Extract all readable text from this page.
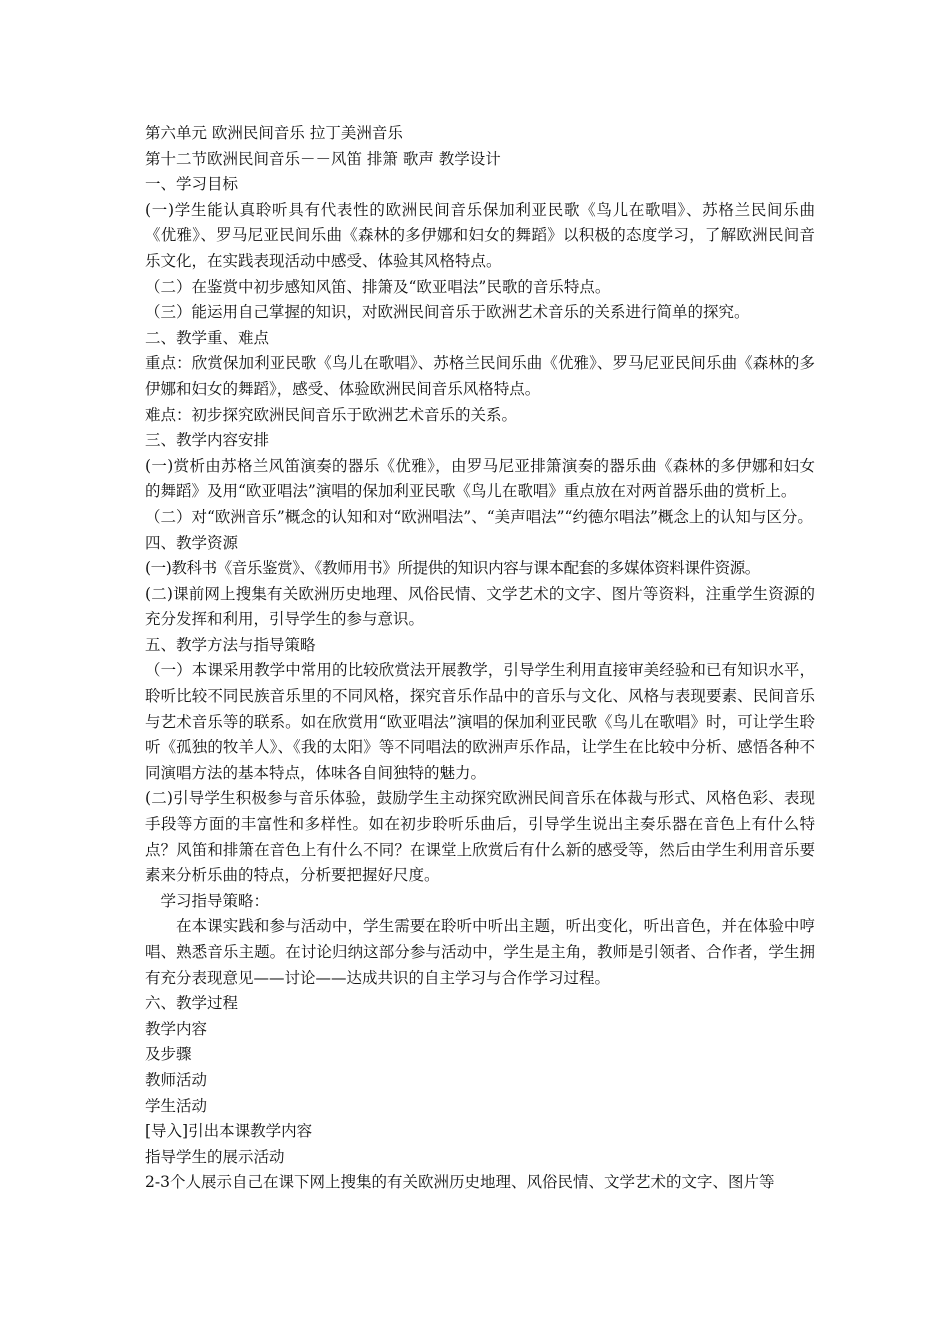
第六单元 欧洲民间音乐 拉丁美洲音乐

第十二节欧洲民间音乐－－风笛 排箫 歌声 教学设计

一、学习目标

(一)学生能认真聆听具有代表性的欧洲民间音乐保加利亚民歌《鸟儿在歌唱》、苏格兰民间乐曲《优雅》、罗马尼亚民间乐曲《森林的多伊娜和妇女的舞蹈》以积极的态度学习，了解欧洲民间音乐文化，在实践表现活动中感受、体验其风格特点。

（二）在鉴赏中初步感知风笛、排箫及“欧亚唱法”民歌的音乐特点。

（三）能运用自己掌握的知识，对欧洲民间音乐于欧洲艺术音乐的关系进行简单的探究。

二、教学重、难点

重点：欣赏保加利亚民歌《鸟儿在歌唱》、苏格兰民间乐曲《优雅》、罗马尼亚民间乐曲《森林的多伊娜和妇女的舞蹈》，感受、体验欧洲民间音乐风格特点。

难点：初步探究欧洲民间音乐于欧洲艺术音乐的关系。

三、教学内容安排

(一)赏析由苏格兰风笛演奏的器乐《优雅》，由罗马尼亚排箫演奏的器乐曲《森林的多伊娜和妇女的舞蹈》及用“欧亚唱法”演唱的保加利亚民歌《鸟儿在歌唱》重点放在对两首器乐曲的赏析上。

（二）对“欧洲音乐”概念的认知和对“欧洲唱法”、“美声唱法”“约德尔唱法”概念上的认知与区分。

四、教学资源

(一)教科书《音乐鉴赏》、《教师用书》所提供的知识内容与课本配套的多媒体资料课件资源。

(二)课前网上搜集有关欧洲历史地理、风俗民情、文学艺术的文字、图片等资料，注重学生资源的充分发挥和利用，引导学生的参与意识。

五、教学方法与指导策略

（一）本课采用教学中常用的比较欣赏法开展教学，引导学生利用直接审美经验和已有知识水平，聆听比较不同民族音乐里的不同风格，探究音乐作品中的音乐与文化、风格与表现要素、民间音乐与艺术音乐等的联系。如在欣赏用“欧亚唱法”演唱的保加利亚民歌《鸟儿在歌唱》时，可让学生聆听《孤独的牧羊人》、《我的太阳》等不同唱法的欧洲声乐作品，让学生在比较中分析、感悟各种不同演唱方法的基本特点，体味各自间独特的魅力。

(二)引导学生积极参与音乐体验，鼓励学生主动探究欧洲民间音乐在体裁与形式、风格色彩、表现手段等方面的丰富性和多样性。如在初步聆听乐曲后，引导学生说出主奏乐器在音色上有什么特点？风笛和排箫在音色上有什么不同？在课堂上欣赏后有什么新的感受等，然后由学生利用音乐要素来分析乐曲的特点，分析要把握好尺度。

学习指导策略：

在本课实践和参与活动中，学生需要在聆听中听出主题，听出变化，听出音色，并在体验中哼唱、熟悉音乐主题。在讨论归纳这部分参与活动中，学生是主角，教师是引领者、合作者，学生拥有充分表现意见——讨论——达成共识的自主学习与合作学习过程。

六、教学过程

教学内容

及步骤

教师活动

学生活动

[导入]引出本课教学内容

指导学生的展示活动

2-3个人展示自己在课下网上搜集的有关欧洲历史地理、风俗民情、文学艺术的文字、图片等
